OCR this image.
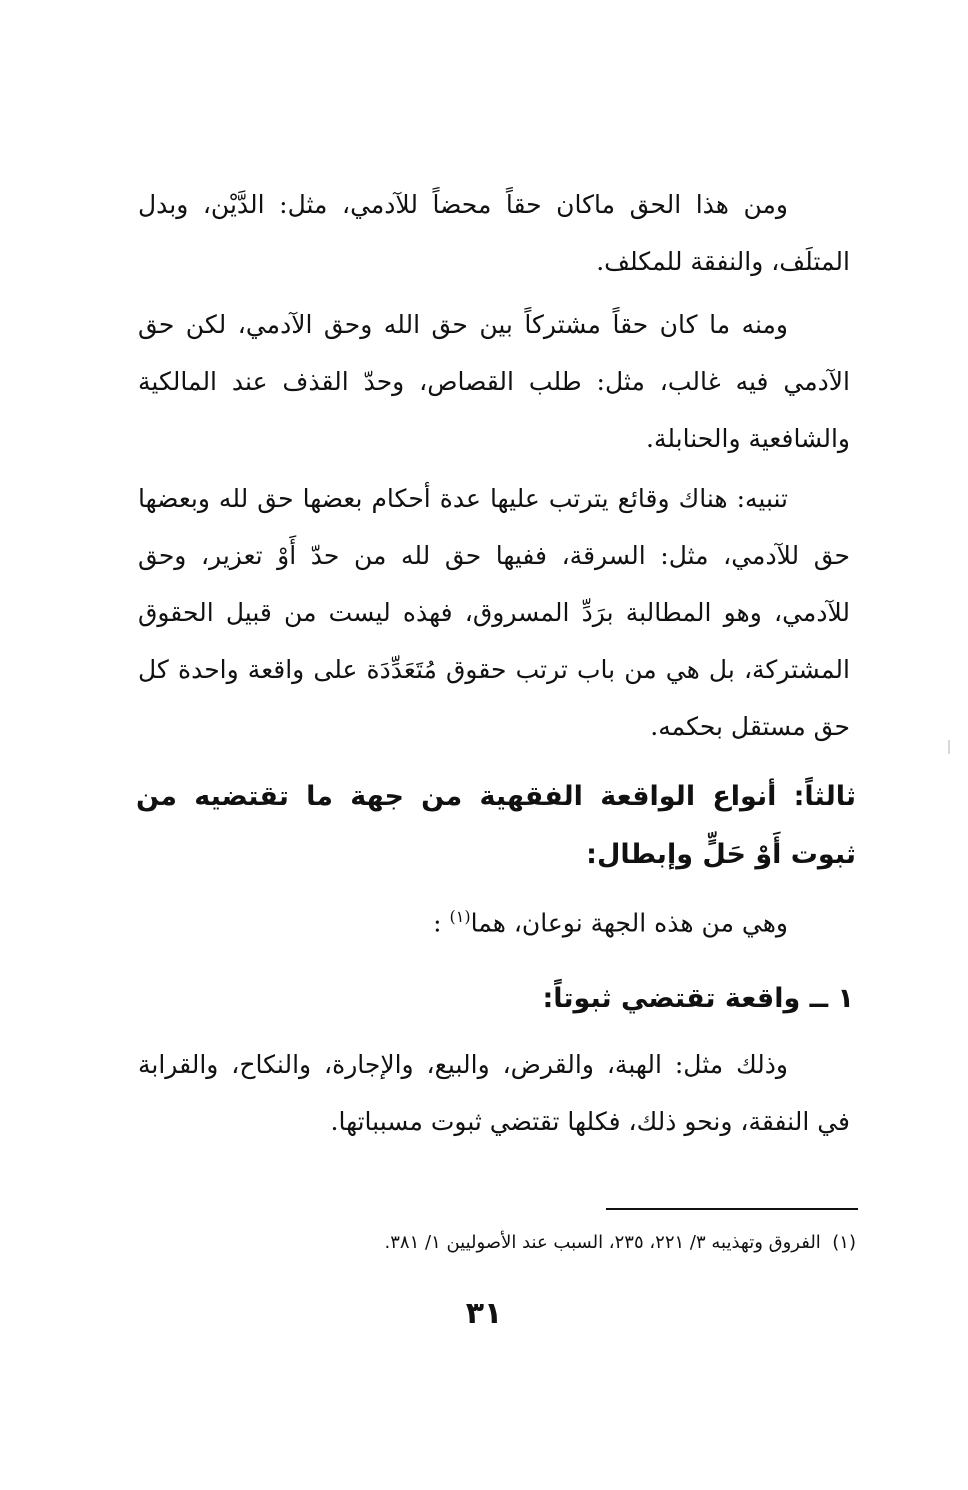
ومن هذا الحق ماكان حقاً محضاً للآدمي، مثل: الدَّيْن، وبدل المتلَف، والنفقة للمكلف.

ومنه ما كان حقاً مشتركاً بين حق الله وحق الآدمي، لكن حق الآدمي فيه غالب، مثل: طلب القصاص، وحدّ القذف عند المالكية والشافعية والحنابلة.

تنبيه: هناك وقائع يترتب عليها عدة أحكام بعضها حق لله وبعضها حق للآدمي، مثل: السرقة، ففيها حق لله من حدّ أَوْ تعزير، وحق للآدمي، وهو المطالبة برَدِّ المسروق، فهذه ليست من قبيل الحقوق المشتركة، بل هي من باب ترتب حقوق مُتَعَدِّدَة على واقعة واحدة كل حق مستقل بحكمه.

ثالثاً: أنواع الواقعة الفقهية من جهة ما تقتضيه من ثبوت أَوْ حَلٍّ وإبطال:

وهي من هذه الجهة نوعان، هما$^{(١)}$ :

١ ــ واقعة تقتضي ثبوتاً:

وذلك مثل: الهبة، والقرض، والبيع، والإجارة، والنكاح، والقرابة في النفقة، ونحو ذلك، فكلها تقتضي ثبوت مسبباتها.

(١)  الفروق وتهذيبه ٣/ ٢٢١، ٢٣٥، السبب عند الأصوليين ١/ ٣٨١.

٣١
